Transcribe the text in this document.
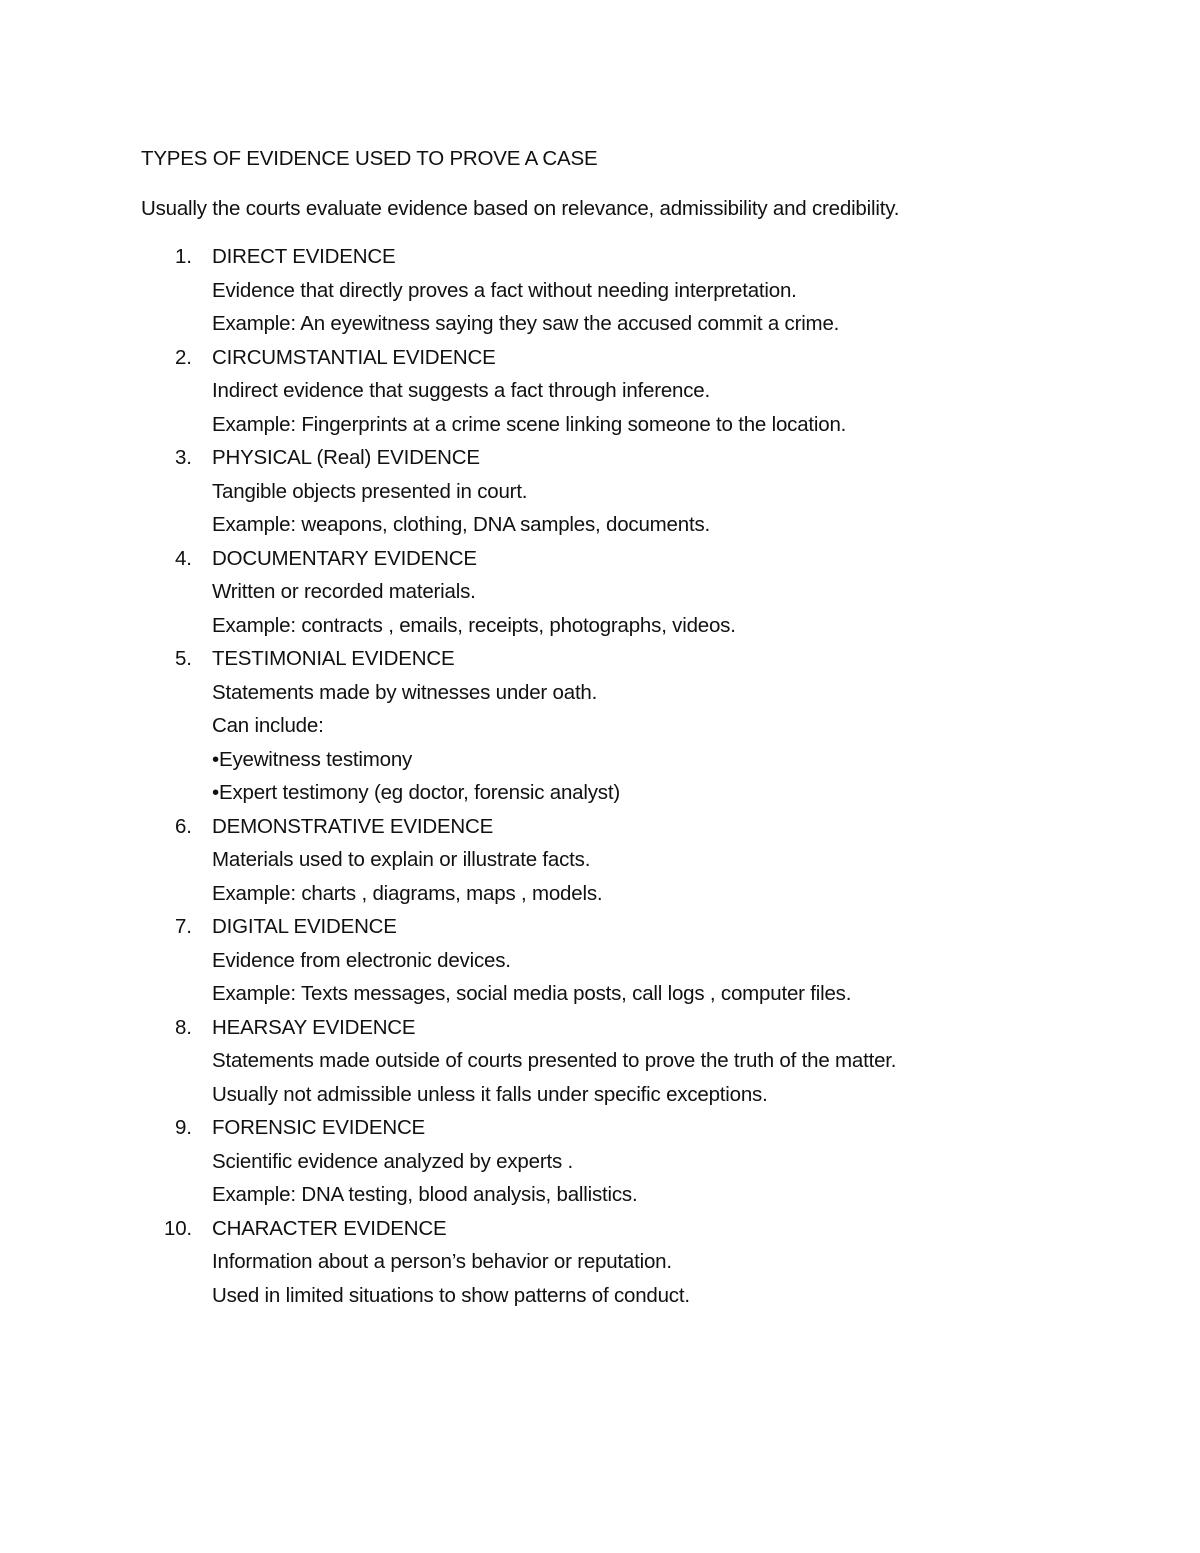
TYPES OF EVIDENCE USED TO PROVE A CASE

Usually the courts evaluate evidence based on relevance, admissibility and credibility.

1. DIRECT EVIDENCE
Evidence that directly proves a fact without needing interpretation.
Example: An eyewitness saying they saw the accused commit a crime.
2. CIRCUMSTANTIAL EVIDENCE
Indirect evidence that suggests a fact through inference.
Example: Fingerprints at a crime scene linking someone to the location.
3. PHYSICAL (Real) EVIDENCE
Tangible objects presented in court.
Example: weapons, clothing, DNA samples, documents.
4. DOCUMENTARY EVIDENCE
Written or recorded materials.
Example: contracts , emails, receipts, photographs, videos.
5. TESTIMONIAL EVIDENCE
Statements made by witnesses under oath.
Can include:
•Eyewitness testimony
•Expert testimony (eg doctor, forensic analyst)
6. DEMONSTRATIVE EVIDENCE
Materials used to explain or illustrate facts.
Example: charts , diagrams, maps , models.
7. DIGITAL EVIDENCE
Evidence from electronic devices.
Example: Texts messages, social media posts, call logs , computer files.
8. HEARSAY EVIDENCE
Statements made outside of courts presented to prove the truth of the matter.
Usually not admissible unless it falls under specific exceptions.
9. FORENSIC EVIDENCE
Scientific evidence analyzed by experts .
Example: DNA testing, blood analysis, ballistics.
10. CHARACTER EVIDENCE
Information about a person’s behavior or reputation.
Used in limited situations to show patterns of conduct.
